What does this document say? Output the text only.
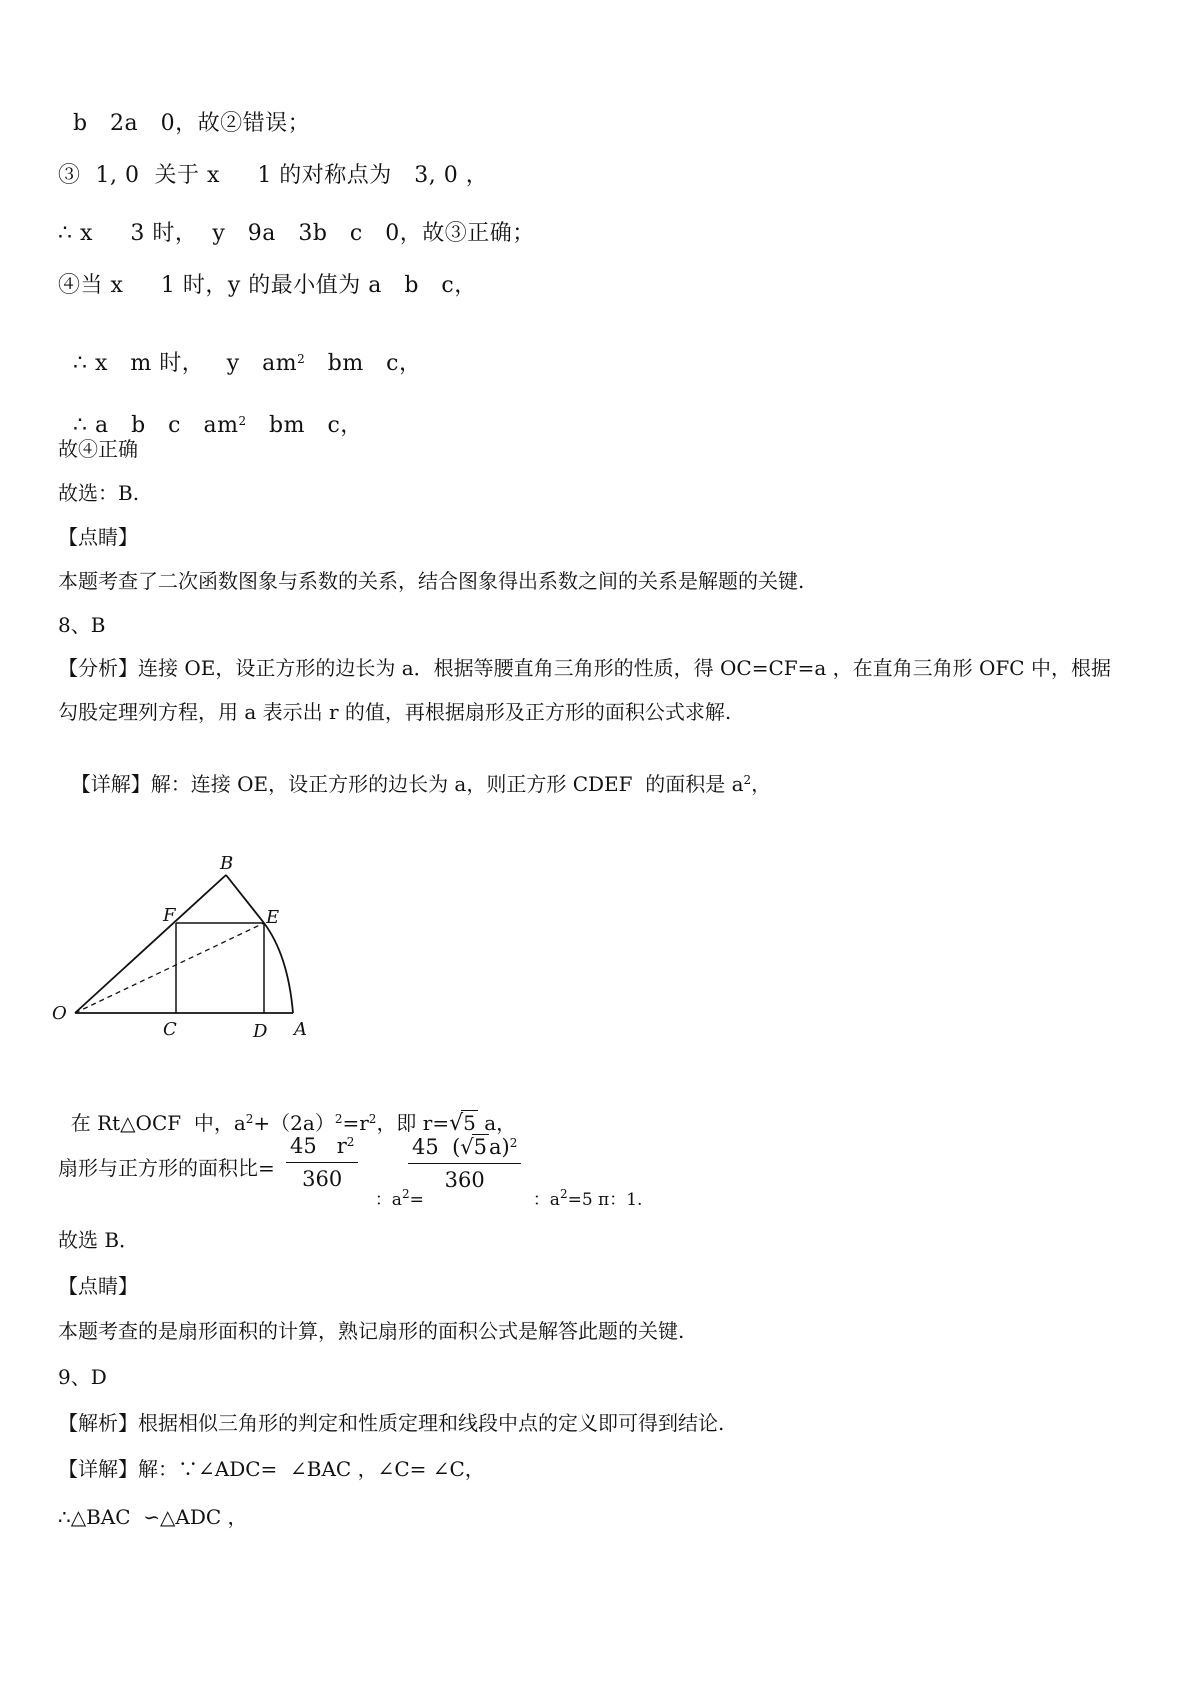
b   2a   0，故②错误；
③  1, 0  关于 x     1 的对称点为   3, 0 ，
∴ x     3 时，  y   9a   3b   c   0，故③正确；
④当 x     1 时，y 的最小值为 a   b   c，

∴ x   m 时，   y   $am^2$   bm   c，

∴ a   b   c   $am^2$   bm   c，

故④正确
故选：B.
【点睛】
本题考查了二次函数图象与系数的关系，结合图象得出系数之间的关系是解题的关键.
8、B
【分析】连接 OE，设正方形的边长为 a．根据等腰直角三角形的性质，得 OC=CF=a ，在直角三角形 OFC 中，根据
勾股定理列方程，用 a 表示出 r 的值，再根据扇形及正方形的面积公式求解.

【详解】解：连接 OE，设正方形的边长为 a，则正方形 CDEF  的面积是 $a^2$，

O
A
B
C	D
E
F

在 Rt△OCF  中，$a^2+(2a)^2=r^2$，即 r=√5 a，

扇形与正方形的面积比=
45   $r^2$
360

：$a^2=$

45  $(√5a)^2$
360

：$a^2=5$ π：1.

故选 B．
【点睛】
本题考查的是扇形面积的计算，熟记扇形的面积公式是解答此题的关键.
9、D
【解析】根据相似三角形的判定和性质定理和线段中点的定义即可得到结论.
【详解】解：∵∠ADC=  ∠BAC ，∠C= ∠C，
∴△BAC  ∽△ADC ，
